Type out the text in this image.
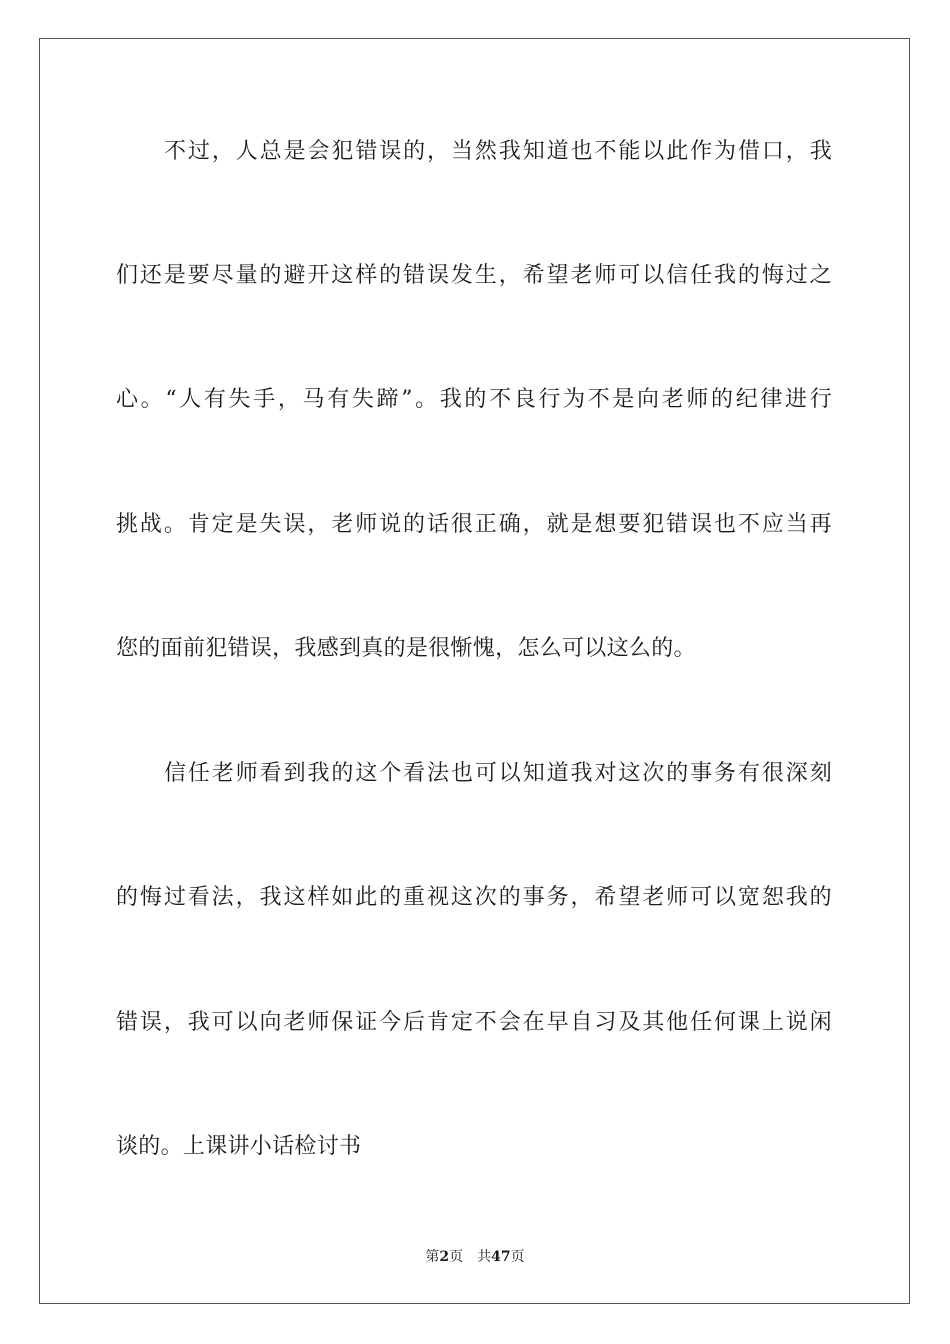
不过，人总是会犯错误的，当然我知道也不能以此作为借口，我
们还是要尽量的避开这样的错误发生，希望老师可以信任我的悔过之
心。“人有失手，马有失蹄”。我的不良行为不是向老师的纪律进行
挑战。肯定是失误，老师说的话很正确，就是想要犯错误也不应当再
您的面前犯错误，我感到真的是很惭愧，怎么可以这么的。
信任老师看到我的这个看法也可以知道我对这次的事务有很深刻
的悔过看法，我这样如此的重视这次的事务，希望老师可以宽恕我的
错误，我可以向老师保证今后肯定不会在早自习及其他任何课上说闲
谈的。上课讲小话检讨书
第2页 共47页
